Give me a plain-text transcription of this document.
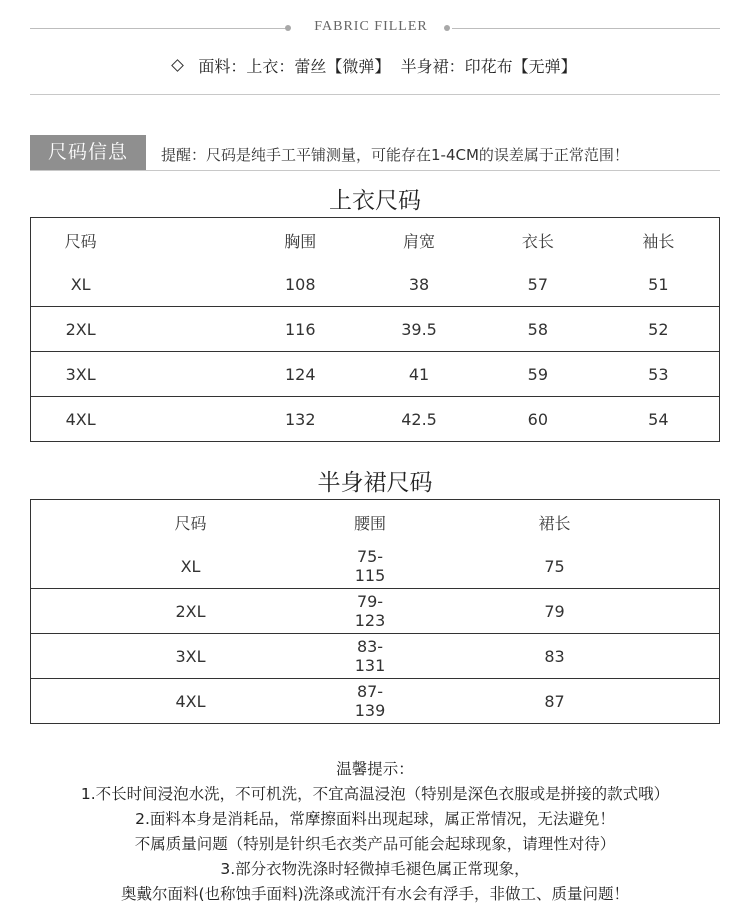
FABRIC FILLER
面料：上衣：蕾丝【微弹】  半身裙：印花布【无弹】
尺码信息	提醒：尺码是纯手工平铺测量，可能存在1-4CM的误差属于正常范围！
上衣尺码
尺码	胸围	肩宽	衣长	袖长
XL	108	38	57	51
2XL	116	39.5	58	52
3XL	124	41	59	53
4XL	132	42.5	60	54
半身裙尺码
尺码	腰围	裙长
XL	75-115	75
2XL	79-123	79
3XL	83-131	83
4XL	87-139	87
温馨提示：
1.不长时间浸泡水洗，不可机洗，不宜高温浸泡（特别是深色衣服或是拼接的款式哦）
2.面料本身是消耗品，常摩擦面料出现起球，属正常情况，无法避免！
不属质量问题（特别是针织毛衣类产品可能会起球现象，请理性对待）
3.部分衣物洗涤时轻微掉毛褪色属正常现象，
奥戴尔面料(也称蚀手面料)洗涤或流汗有水会有浮手，非做工、质量问题！
